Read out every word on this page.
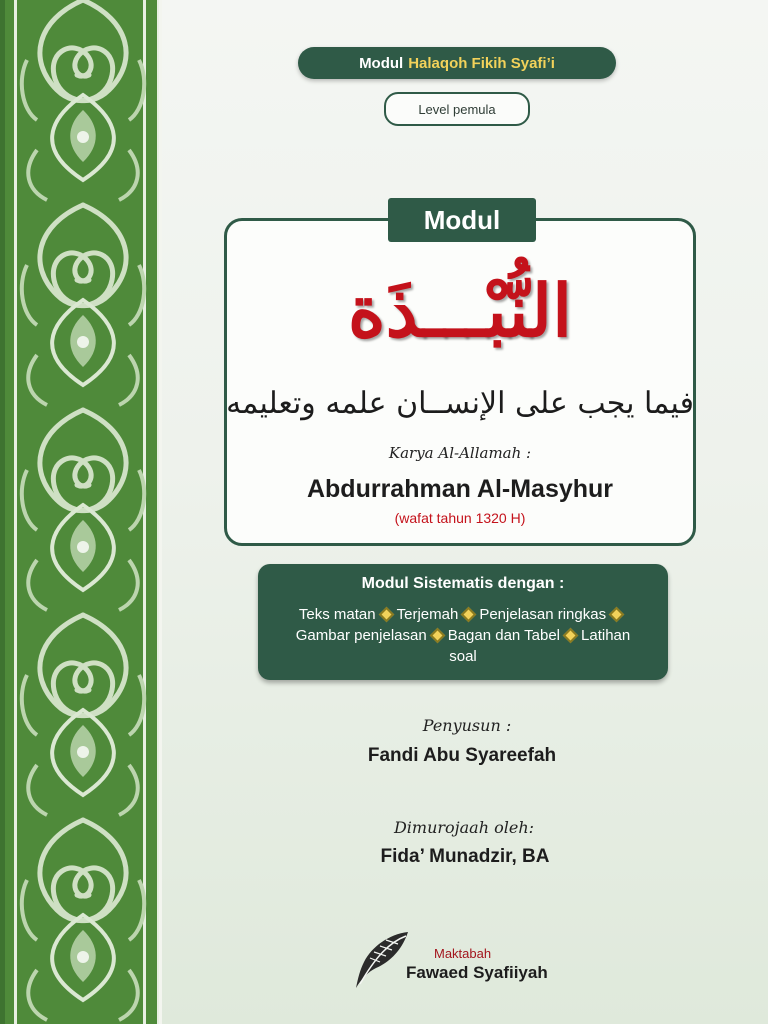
Modul Halaqoh Fikih Syafi’i
Level pemula
Modul
النُّبْـــذَة
فيما يجب على الإنســان علمه وتعليمه
Karya Al-Allamah :
Abdurrahman Al-Masyhur
(wafat tahun 1320 H)
Modul Sistematis dengan :
Teks matan Terjemah Penjelasan ringkasGambar penjelasan Bagan dan Tabel Latihan soal
Penyusun :
Fandi Abu Syareefah
Dimurojaah oleh:
Fida’ Munadzir, BA
Maktabah
Fawaed Syafiiyah
